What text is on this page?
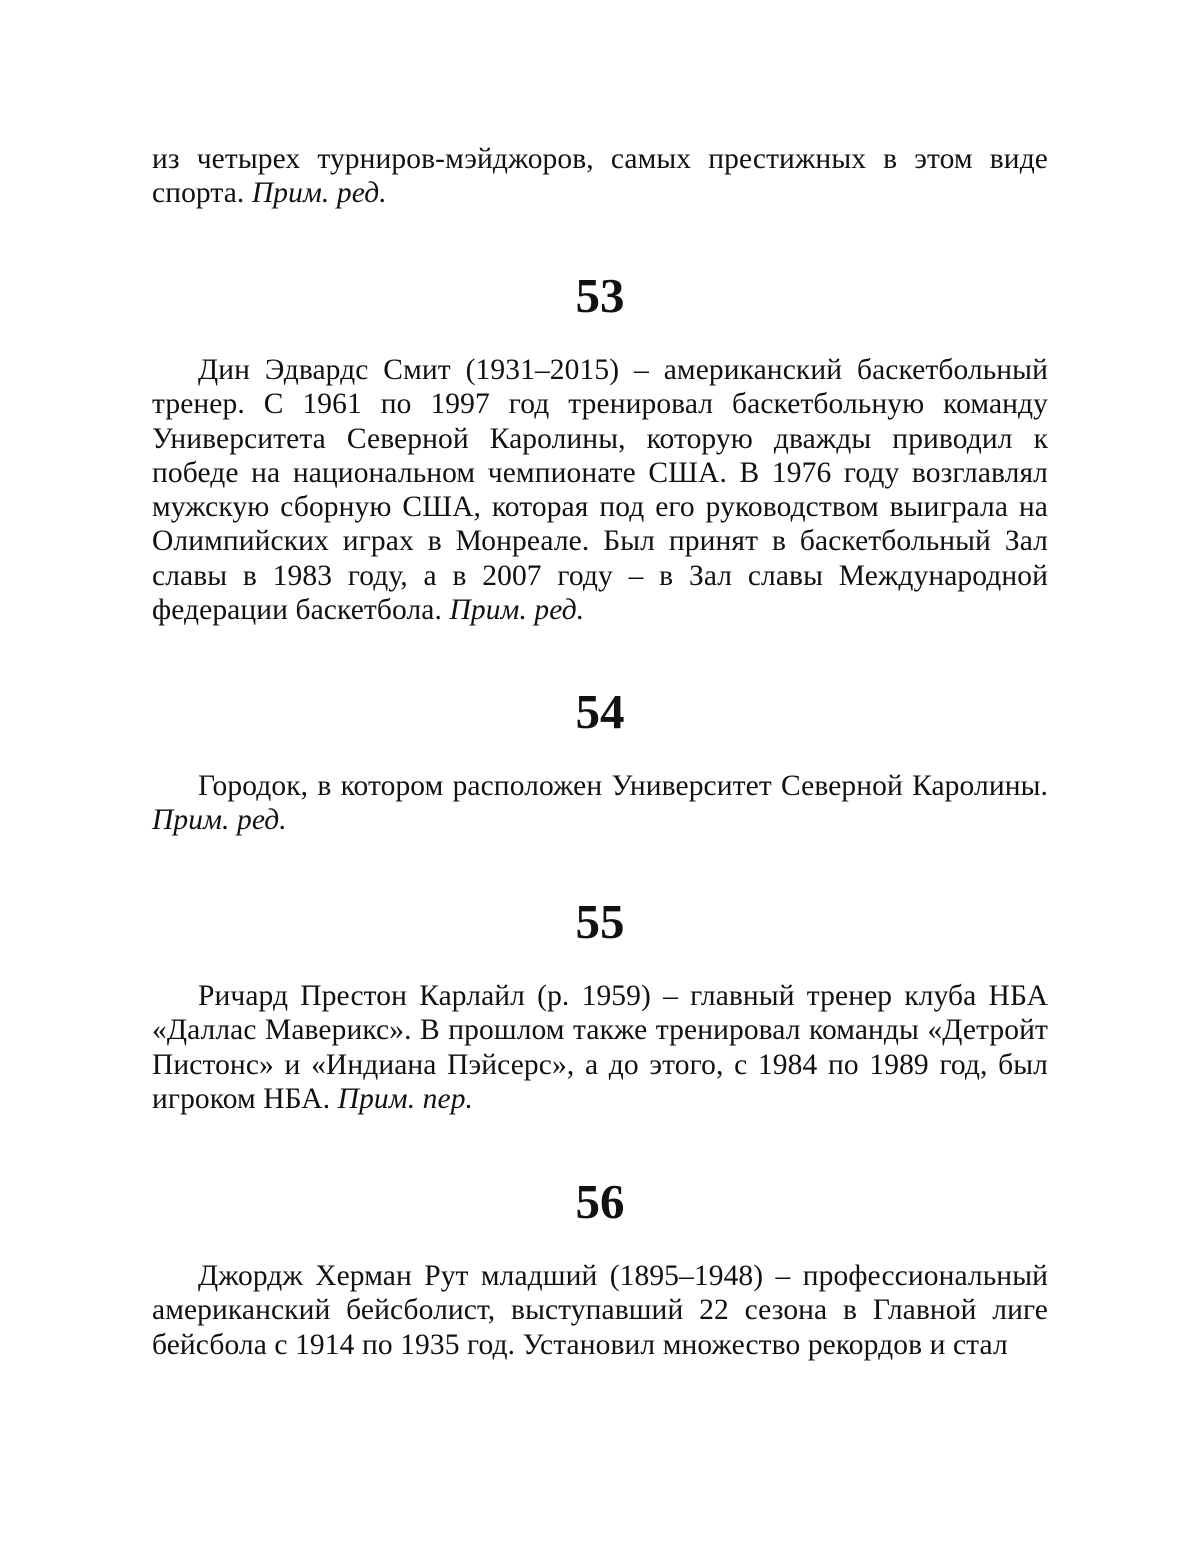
из четырех турниров-мэйджоров, самых престижных в этом виде спорта. Прим. ред.

53

Дин Эдвардс Смит (1931–2015) – американский баскетбольный тренер. С 1961 по 1997 год тренировал баскетбольную команду Университета Северной Каролины, которую дважды приводил к победе на национальном чемпионате США. В 1976 году возглавлял мужскую сборную США, которая под его руководством выиграла на Олимпийских играх в Монреале. Был принят в баскетбольный Зал славы в 1983 году, а в 2007 году – в Зал славы Международной федерации баскетбола. Прим. ред.

54

Городок, в котором расположен Университет Северной Каролины. Прим. ред.

55

Ричард Престон Карлайл (р. 1959) – главный тренер клуба НБА «Даллас Маверикс». В прошлом также тренировал команды «Детройт Пистонс» и «Индиана Пэйсерс», а до этого, с 1984 по 1989 год, был игроком НБА. Прим. пер.

56

Джордж Херман Рут младший (1895–1948) – профессиональный американский бейсболист, выступавший 22 сезона в Главной лиге бейсбола с 1914 по 1935 год. Установил множество рекордов и стал
